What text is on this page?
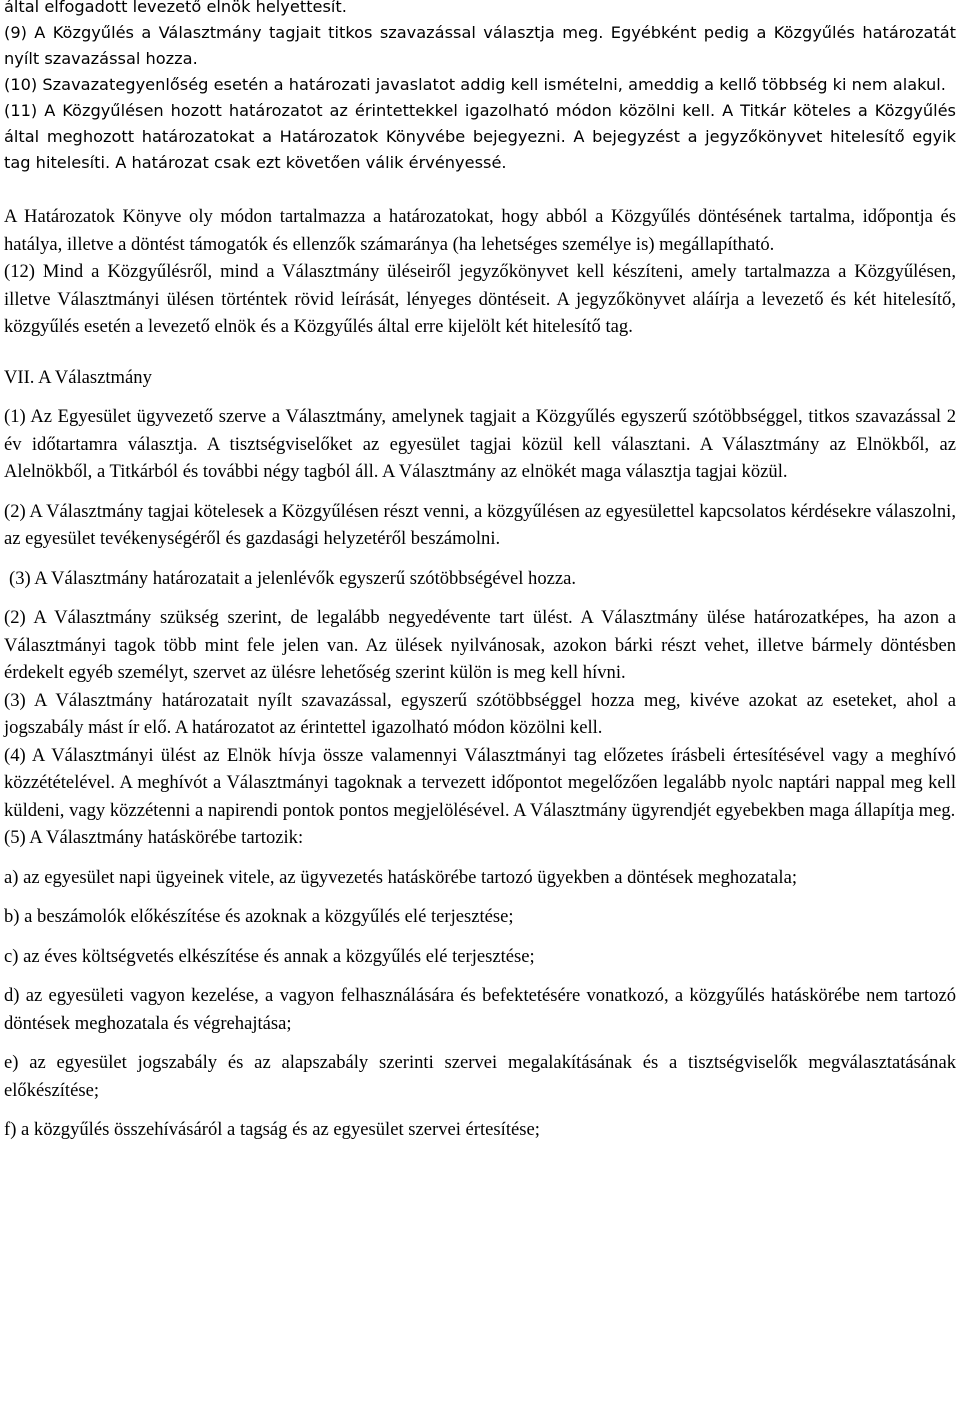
által elfogadott levezető elnök helyettesít.

(9) A Közgyűlés a Választmány tagjait titkos szavazással választja meg. Egyébként pedig a Közgyűlés határozatát nyílt szavazással hozza.

(10) Szavazategyenlőség esetén a határozati javaslatot addig kell ismételni, ameddig a kellő többség ki nem alakul.

(11) A Közgyűlésen hozott határozatot az érintettekkel igazolható módon közölni kell. A Titkár köteles a Közgyűlés által meghozott határozatokat a Határozatok Könyvébe bejegyezni. A bejegyzést a jegyzőkönyvet hitelesítő egyik tag hitelesíti. A határozat csak ezt követően válik érvényessé.

A Határozatok Könyve oly módon tartalmazza a határozatokat, hogy abból a Közgyűlés döntésének tartalma, időpontja és hatálya, illetve a döntést támogatók és ellenzők számaránya (ha lehetséges személye is) megállapítható.

(12) Mind a Közgyűlésről, mind a Választmány üléseiről jegyzőkönyvet kell készíteni, amely tartalmazza a Közgyűlésen, illetve Választmányi ülésen történtek rövid leírását, lényeges döntéseit. A jegyzőkönyvet aláírja a levezető és két hitelesítő, közgyűlés esetén a levezető elnök és a Közgyűlés által erre kijelölt két hitelesítő tag.

VII. A Választmány

(1) Az Egyesület ügyvezető szerve a Választmány, amelynek tagjait a Közgyűlés egyszerű szótöbbséggel, titkos szavazással 2 év időtartamra választja. A tisztségviselőket az egyesület tagjai közül kell választani. A Választmány az Elnökből, az Alelnökből, a Titkárból és további négy tagból áll. A Választmány az elnökét maga választja tagjai közül.

(2) A Választmány tagjai kötelesek a Közgyűlésen részt venni, a közgyűlésen az egyesülettel kapcsolatos kérdésekre válaszolni, az egyesület tevékenységéről és gazdasági helyzetéről beszámolni.

(3) A Választmány határozatait a jelenlévők egyszerű szótöbbségével hozza.

(2) A Választmány szükség szerint, de legalább negyedévente tart ülést. A Választmány ülése határozatképes, ha azon a Választmányi tagok több mint fele jelen van. Az ülések nyilvánosak, azokon bárki részt vehet, illetve bármely döntésben érdekelt egyéb személyt, szervet az ülésre lehetőség szerint külön is meg kell hívni.

(3) A Választmány határozatait nyílt szavazással, egyszerű szótöbbséggel hozza meg, kivéve azokat az eseteket, ahol a jogszabály mást ír elő. A határozatot az érintettel igazolható módon közölni kell.

(4) A Választmányi ülést az Elnök hívja össze valamennyi Választmányi tag előzetes írásbeli értesítésével vagy a meghívó közzétételével. A meghívót a Választmányi tagoknak a tervezett időpontot megelőzően legalább nyolc naptári nappal meg kell küldeni, vagy közzétenni a napirendi pontok pontos megjelölésével. A Választmány ügyrendjét egyebekben maga állapítja meg.

(5) A Választmány hatáskörébe tartozik:

a) az egyesület napi ügyeinek vitele, az ügyvezetés hatáskörébe tartozó ügyekben a döntések meghozatala;

b) a beszámolók előkészítése és azoknak a közgyűlés elé terjesztése;

c) az éves költségvetés elkészítése és annak a közgyűlés elé terjesztése;

d) az egyesületi vagyon kezelése, a vagyon felhasználására és befektetésére vonatkozó, a közgyűlés hatáskörébe nem tartozó döntések meghozatala és végrehajtása;

e) az egyesület jogszabály és az alapszabály szerinti szervei megalakításának és a tisztségviselők megválasztatásának előkészítése;

f) a közgyűlés összehívásáról a tagság és az egyesület szervei értesítése;
